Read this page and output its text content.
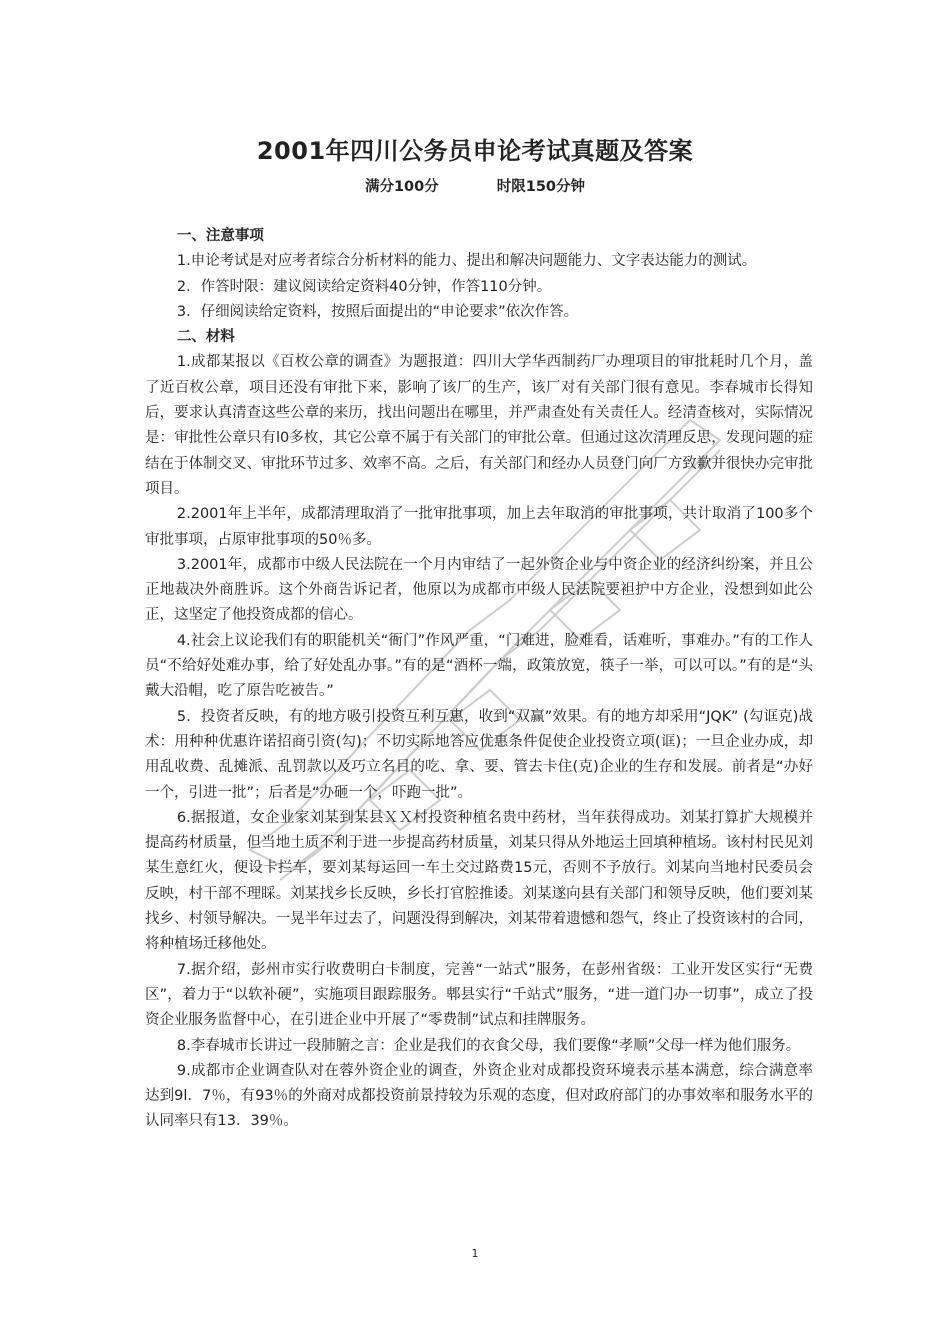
2001年四川公务员申论考试真题及答案
满分100分	时限150分钟

一、注意事项

1.申论考试是对应考者综合分析材料的能力、提出和解决问题能力、文字表达能力的测试。

2．作答时限：建议阅读给定资料40分钟，作答110分钟。

3．仔细阅读给定资料，按照后面提出的“申论要求”依次作答。

二、材料

1.成都某报以《百枚公章的调查》为题报道：四川大学华西制药厂办理项目的审批耗时几个月，盖了近百枚公章，项目还没有审批下来，影响了该厂的生产，该厂对有关部门很有意见。李春城市长得知后，要求认真清查这些公章的来历，找出问题出在哪里，并严肃查处有关责任人。经清查核对，实际情况是：审批性公章只有l0多枚，其它公章不属于有关部门的审批公章。但通过这次清理反思，发现问题的症结在于体制交叉、审批环节过多、效率不高。之后，有关部门和经办人员登门向厂方致歉并很快办完审批项目。

2.2001年上半年，成都清理取消了一批审批事项，加上去年取消的审批事项，共计取消了100多个审批事项，占原审批事项的50％多。

3.2001年，成都市中级人民法院在一个月内审结了一起外资企业与中资企业的经济纠纷案，并且公正地裁决外商胜诉。这个外商告诉记者，他原以为成都市中级人民法院要袒护中方企业，没想到如此公正，这坚定了他投资成都的信心。

4.社会上议论我们有的职能机关“衙门”作风严重，“门难进，脸难看，话难听，事难办。”有的工作人员“不给好处难办事，给了好处乱办事。”有的是“酒杯一端，政策放宽，筷子一举，可以可以。”有的是“头戴大沿帽，吃了原告吃被告。”

5．投资者反映，有的地方吸引投资互利互惠，收到“双赢”效果。有的地方却采用“JQK” (勾诓克)战术：用种种优惠许诺招商引资(勾)；不切实际地答应优惠条件促使企业投资立项(诓)；一旦企业办成，却用乱收费、乱摊派、乱罚款以及巧立名目的吃、拿、要、管去卡住(克)企业的生存和发展。前者是“办好一个，引进一批”；后者是“办砸一个，吓跑一批”。

6.据报道，女企业家刘某到某县ＸＸ村投资种植名贵中药材，当年获得成功。刘某打算扩大规模并提高药材质量，但当地土质不利于进一步提高药材质量，刘某只得从外地运土回填种植场。该村村民见刘某生意红火，便设卡拦车，要刘某每运回一车土交过路费15元，否则不予放行。刘某向当地村民委员会反映，村干部不理睬。刘某找乡长反映，乡长打官腔推诿。刘某遂向县有关部门和领导反映，他们要刘某找乡、村领导解决。一晃半年过去了，问题没得到解决，刘某带着遗憾和怨气，终止了投资该村的合同，将种植场迁移他处。

7.据介绍，彭州市实行收费明白卡制度，完善“一站式”服务，在彭州省级：工业开发区实行“无费区”，着力于“以软补硬”，实施项目跟踪服务。郫县实行“千站式”服务，“进一道门办一切事”，成立了投资企业服务监督中心，在引进企业中开展了“零费制”试点和挂牌服务。

8.李春城市长讲过一段肺腑之言：企业是我们的衣食父母，我们要像“孝顺”父母一样为他们服务。

9.成都市企业调查队对在蓉外资企业的调查，外资企业对成都投资环境表示基本满意，综合满意率达到9l．7％，有93％的外商对成都投资前景持较为乐观的态度，但对政府部门的办事效率和服务水平的认同率只有13．39％。

1
